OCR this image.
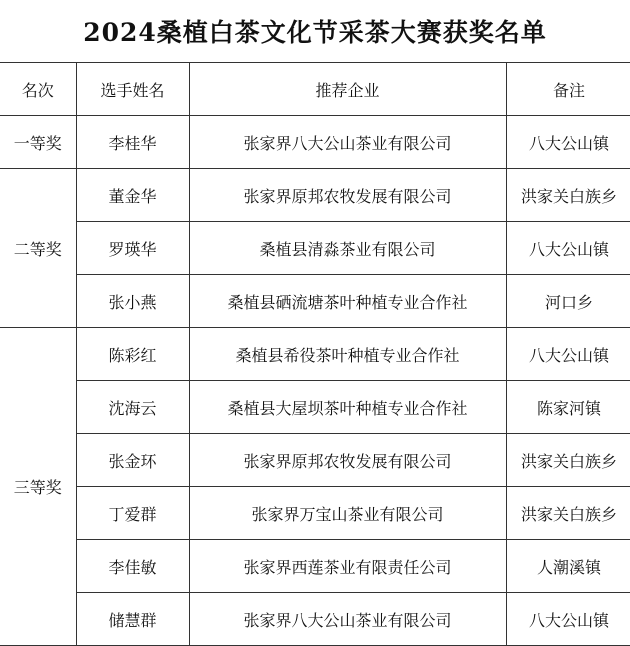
2024桑植白茶文化节采茶大赛获奖名单
名次	选手姓名	推荐企业	备注
一等奖	李桂华	张家界八大公山茶业有限公司	八大公山镇
二等奖	董金华	张家界原邦农牧发展有限公司	洪家关白族乡
	罗瑛华	桑植县清淼茶业有限公司	八大公山镇
	张小燕	桑植县硒流塘茶叶种植专业合作社	河口乡
三等奖	陈彩红	桑植县希役茶叶种植专业合作社	八大公山镇
	沈海云	桑植县大屋坝茶叶种植专业合作社	陈家河镇
	张金环	张家界原邦农牧发展有限公司	洪家关白族乡
	丁爱群	张家界万宝山茶业有限公司	洪家关白族乡
	李佳敏	张家界西莲茶业有限责任公司	人潮溪镇
	储慧群	张家界八大公山茶业有限公司	八大公山镇
